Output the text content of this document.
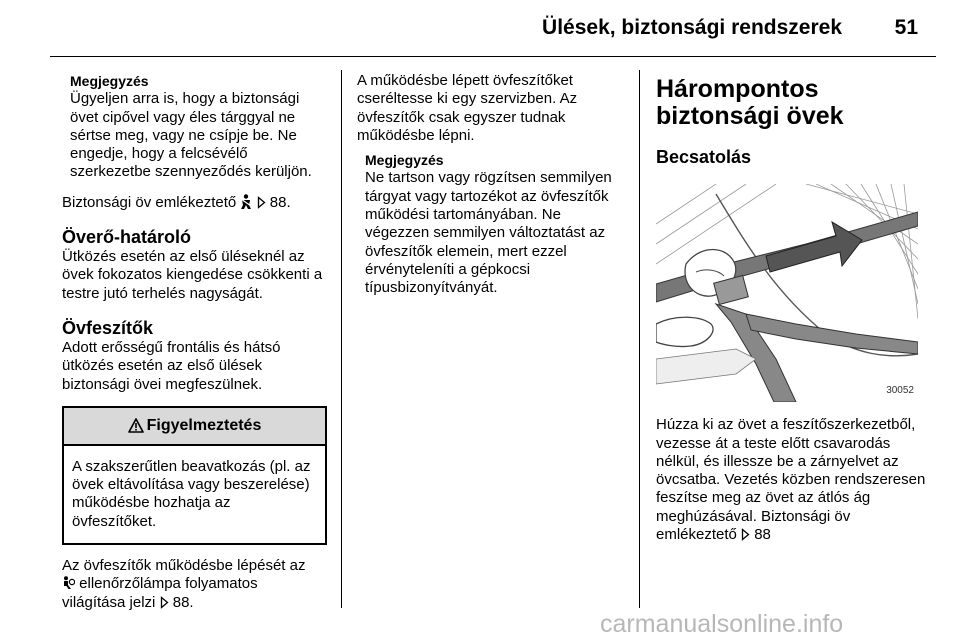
Ülések, biztonsági rendszerek	51
Megjegyzés

Ügyeljen arra is, hogy a biztonsági övet cipővel vagy éles tárggyal ne sértse meg, vagy ne csípje be. Ne engedje, hogy a felcsévélő szerkezetbe szennyeződés kerüljön.

Biztonsági öv emlékeztető 88.

Överő-határoló

Ütközés esetén az első üléseknél az övek fokozatos kiengedése csökkenti a testre jutó terhelés nagyságát.

Övfeszítők

Adott erősségű frontális és hátsó ütközés esetén az első ülések biztonsági övei megfeszülnek.

Figyelmeztetés
A szakszerűtlen beavatkozás (pl. az övek eltávolítása vagy beszerelése) működésbe hozhatja az övfeszítőket.

Az övfeszítők működésbe lépését az
ellenőrzőlámpa folyamatos
világítása jelzi 88.

A működésbe lépett övfeszítőket cseréltesse ki egy szervizben. Az övfeszítők csak egyszer tudnak működésbe lépni.

Megjegyzés

Ne tartson vagy rögzítsen semmilyen tárgyat vagy tartozékot az övfeszítők működési tartományában. Ne végezzen semmilyen változtatást az övfeszítők elemein, mert ezzel érvényteleníti a gépkocsi típusbizonyítványát.

Hárompontos biztonsági övek
Becsatolás
30052

Húzza ki az övet a feszítőszerkezetből, vezesse át a teste előtt csavarodás nélkül, és illessze be a zárnyelvet az övcsatba. Vezetés közben rendszeresen feszítse meg az övet az átlós ág meghúzásával. Biztonsági öv emlékeztető 88

carmanualsonline.info
